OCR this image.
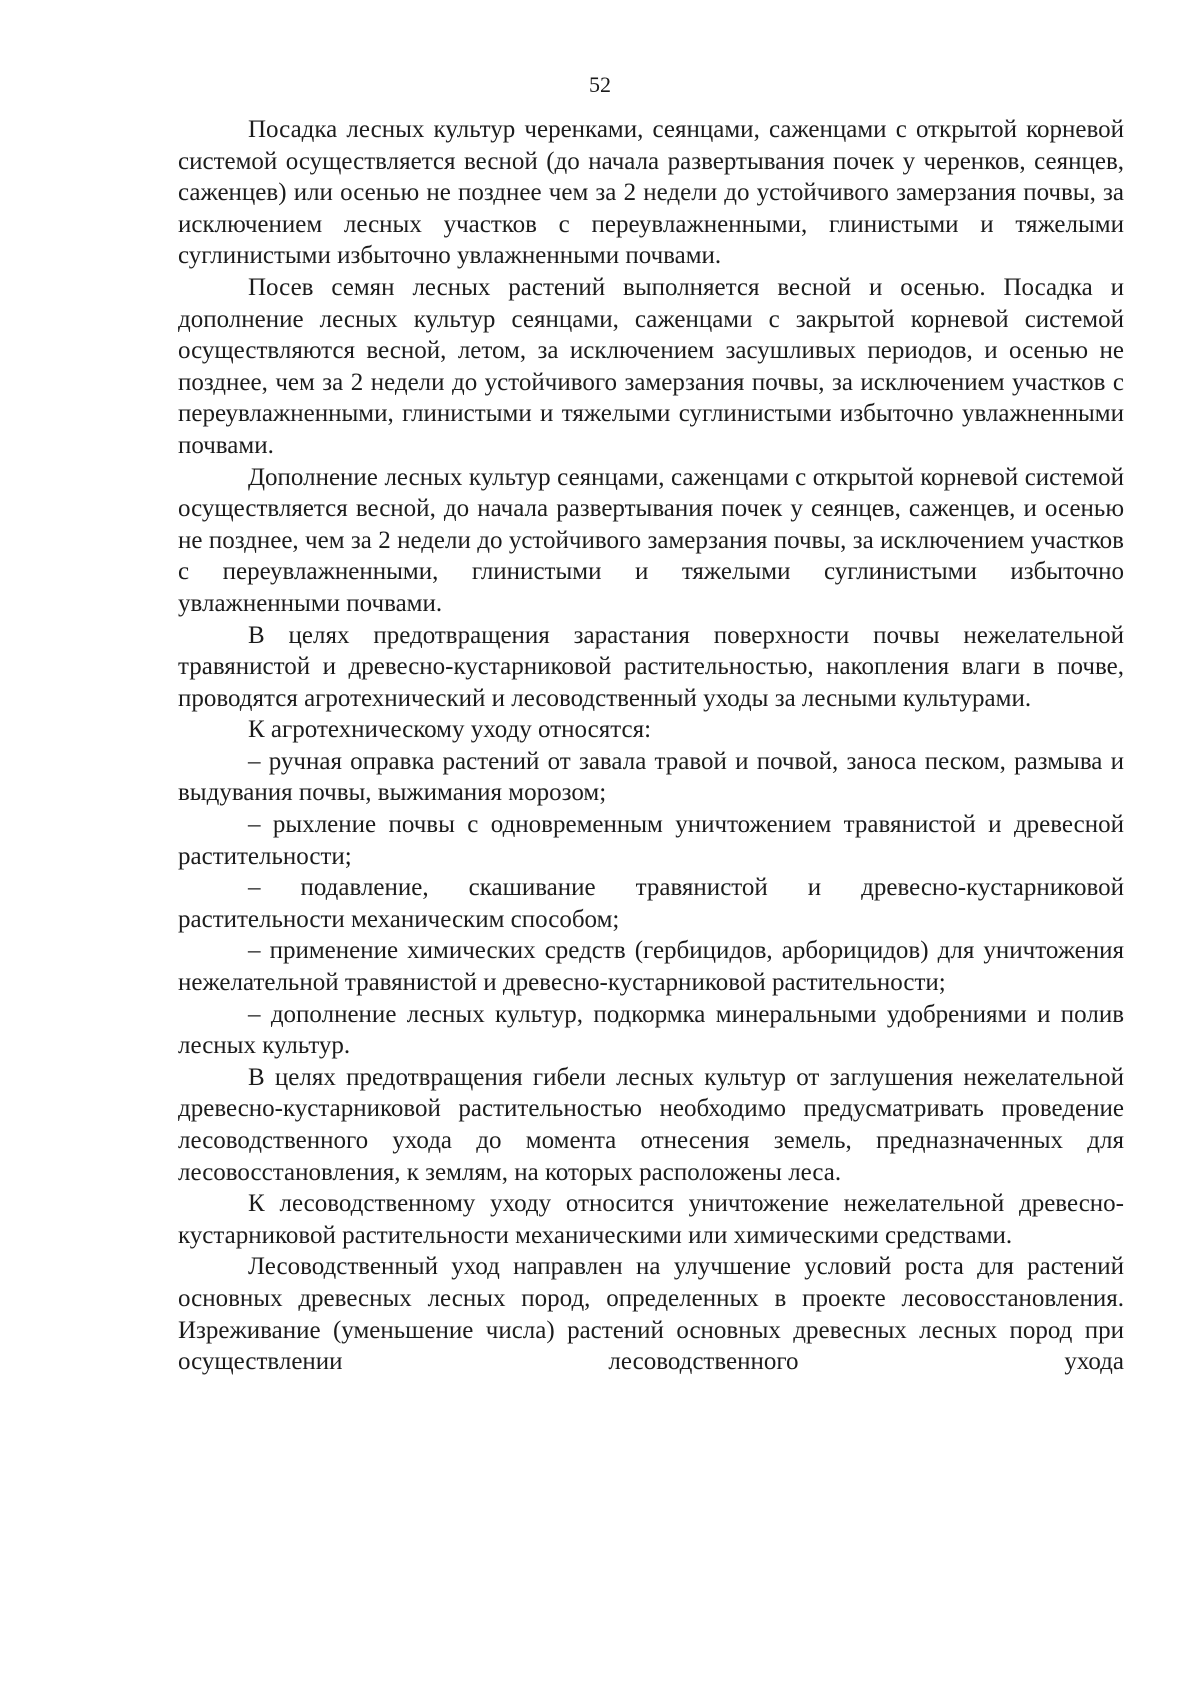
52

Посадка лесных культур черенками, сеянцами, саженцами с открытой корневой системой осуществляется весной (до начала развертывания почек у черенков, сеянцев, саженцев) или осенью не позднее чем за 2 недели до устойчивого замерзания почвы, за исключением лесных участков с переувлажненными, глинистыми и тяжелыми суглинистыми избыточно увлажненными почвами.

Посев семян лесных растений выполняется весной и осенью. Посадка и дополнение лесных культур сеянцами, саженцами с закрытой корневой системой осуществляются весной, летом, за исключением засушливых периодов, и осенью не позднее, чем за 2 недели до устойчивого замерзания почвы, за исключением участков с переувлажненными, глинистыми и тяжелыми суглинистыми избыточно увлажненными почвами.

Дополнение лесных культур сеянцами, саженцами с открытой корневой системой осуществляется весной, до начала развертывания почек у сеянцев, саженцев, и осенью не позднее, чем за 2 недели до устойчивого замерзания почвы, за исключением участков с переувлажненными, глинистыми и тяжелыми суглинистыми избыточно увлажненными почвами.

В целях предотвращения зарастания поверхности почвы нежелательной травянистой и древесно-кустарниковой растительностью, накопления влаги в почве, проводятся агротехнический и лесоводственный уходы за лесными культурами.

К агротехническому уходу относятся:

– ручная оправка растений от завала травой и почвой, заноса песком, размыва и выдувания почвы, выжимания морозом;

– рыхление почвы с одновременным уничтожением травянистой и древесной растительности;

– подавление, скашивание травянистой и древесно-кустарниковой растительности механическим способом;

– применение химических средств (гербицидов, арборицидов) для уничтожения нежелательной травянистой и древесно-кустарниковой растительности;

– дополнение лесных культур, подкормка минеральными удобрениями и полив лесных культур.

В целях предотвращения гибели лесных культур от заглушения нежелательной древесно-кустарниковой растительностью необходимо предусматривать проведение лесоводственного ухода до момента отнесения земель, предназначенных для лесовосстановления, к землям, на которых расположены леса.

К лесоводственному уходу относится уничтожение нежелательной древесно-кустарниковой растительности механическими или химическими средствами.

Лесоводственный уход направлен на улучшение условий роста для растений основных древесных лесных пород, определенных в проекте лесовосстановления. Изреживание (уменьшение числа) растений основных древесных лесных пород при осуществлении лесоводственного ухода
